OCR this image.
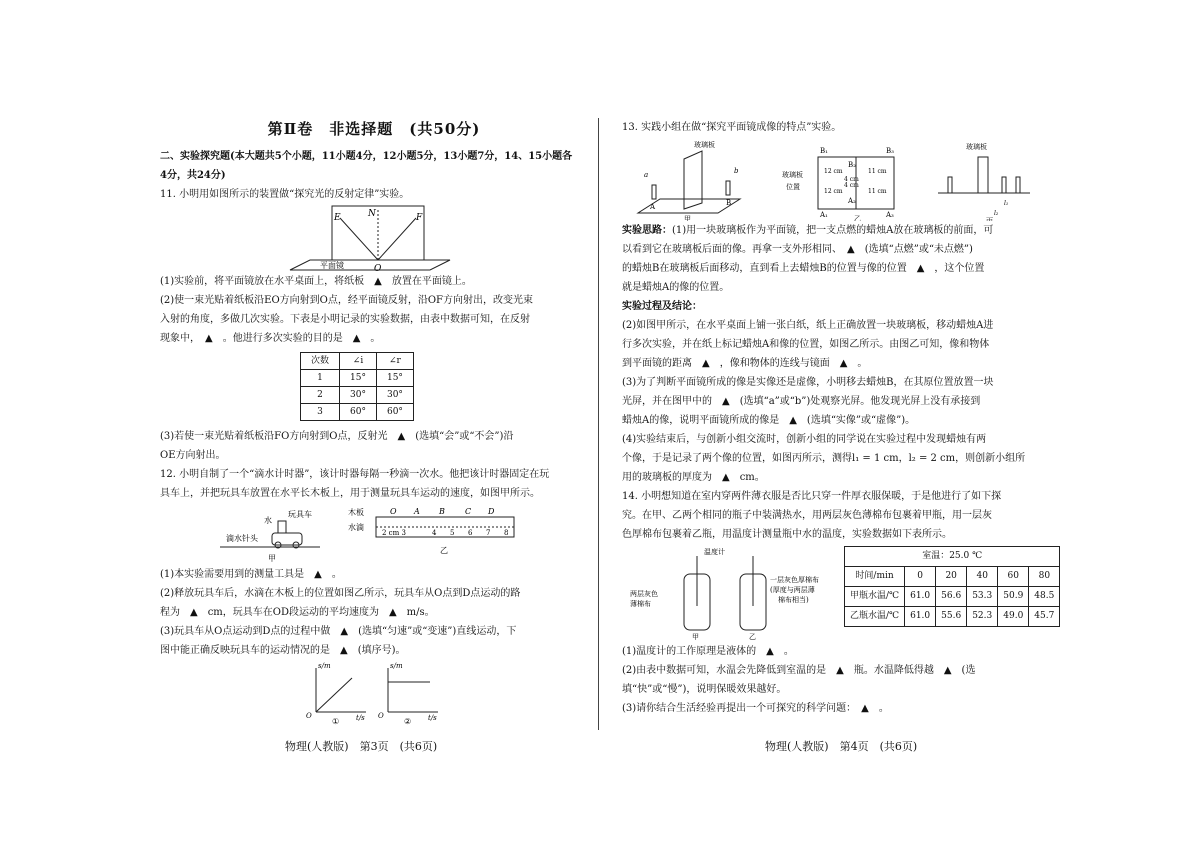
第Ⅱ卷　非选择题　(共50分)

二、实验探究题(本大题共5个小题，11小题4分，12小题5分，13小题7分，14、15小题各

4分，共24分)

11. 小明用如图所示的装置做“探究光的反射定律”实验。

E	N	F
O
平面镜

(1)实验前，将平面镜放在水平桌面上，将纸板　▲　放置在平面镜上。

(2)使一束光贴着纸板沿EO方向射到O点，经平面镜反射，沿OF方向射出，改变光束

入射的角度，多做几次实验。下表是小明记录的实验数据，由表中数据可知，在反射

现象中，　▲　。他进行多次实验的目的是　▲　。

次数	∠i	∠r
1	15°	15°
2	30°	30°
3	60°	60°

(3)若使一束光贴着纸板沿FO方向射到O点，反射光　▲　(选填“会”或“不会”)沿

OE方向射出。

12. 小明自制了一个“滴水计时器”，该计时器每隔一秒滴一次水。他把该计时器固定在玩

具车上，并把玩具车放置在水平长木板上，用于测量玩具车运动的速度，如图甲所示。

水
玩具车
滴水针头
甲
木板
水滴
2 cm 3
O A B	C D
4 5 6 7 8
乙

(1)本实验需要用到的测量工具是　▲　。

(2)释放玩具车后，水滴在木板上的位置如图乙所示，玩具车从O点到D点运动的路

程为　▲　cm，玩具车在OD段运动的平均速度为　▲　m/s。

(3)玩具车从O点运动到D点的过程中做　▲　(选填“匀速”或“变速”)直线运动，下

图中能正确反映玩具车的运动情况的是　▲　(填序号)。

s/m
t/s
O
①
s/m
t/s
O
②
物理(人教版)　第3页　(共6页)

13. 实践小组在做“探究平面镜成像的特点”实验。

玻璃板
a	b
A	B
甲
玻璃板
位置
12 cm
12 cm
11 cm
11 cm
4 cm
4 cm
B₁
B₂
B₃
A₁
A₂
A₃
乙
玻璃板
l₁
l₂
丙

实验思路：(1)用一块玻璃板作为平面镜，把一支点燃的蜡烛A放在玻璃板的前面，可

以看到它在玻璃板后面的像。再拿一支外形相同、　▲　(选填“点燃”或“未点燃”)

的蜡烛B在玻璃板后面移动，直到看上去蜡烛B的位置与像的位置　▲　，这个位置

就是蜡烛A的像的位置。

实验过程及结论：

(2)如图甲所示，在水平桌面上铺一张白纸，纸上正确放置一块玻璃板，移动蜡烛A进

行多次实验，并在纸上标记蜡烛A和像的位置，如图乙所示。由图乙可知，像和物体

到平面镜的距离　▲　，像和物体的连线与镜面　▲　。

(3)为了判断平面镜所成的像是实像还是虚像，小明移去蜡烛B，在其原位置放置一块

光屏，并在图甲中的　▲　(选填“a”或“b”)处观察光屏。他发现光屏上没有承接到

蜡烛A的像，说明平面镜所成的像是　▲　(选填“实像”或“虚像”)。

(4)实验结束后，与创新小组交流时，创新小组的同学说在实验过程中发现蜡烛有两

个像，于是记录了两个像的位置，如图丙所示，测得l₁ = 1 cm，l₂ = 2 cm，则创新小组所

用的玻璃板的厚度为　▲　cm。

14. 小明想知道在室内穿两件薄衣服是否比只穿一件厚衣服保暖，于是他进行了如下探

究。在甲、乙两个相同的瓶子中装满热水，用两层灰色薄棉布包裹着甲瓶，用一层灰

色厚棉布包裹着乙瓶，用温度计测量瓶中水的温度，实验数据如下表所示。

温度计
两层灰色
薄棉布
一层灰色厚棉布
(厚度与两层薄
棉布相当)
甲	乙
室温：25.0 ℃					
时间/min	0	20	40	60	80
甲瓶水温/℃	61.0	56.6	53.3	50.9	48.5
乙瓶水温/℃	61.0	55.6	52.3	49.0	45.7

(1)温度计的工作原理是液体的　▲　。

(2)由表中数据可知，水温会先降低到室温的是　▲　瓶。水温降低得越　▲　(选

填“快”或“慢”)，说明保暖效果越好。

(3)请你结合生活经验再提出一个可探究的科学问题：　▲　。

物理(人教版)　第4页　(共6页)
